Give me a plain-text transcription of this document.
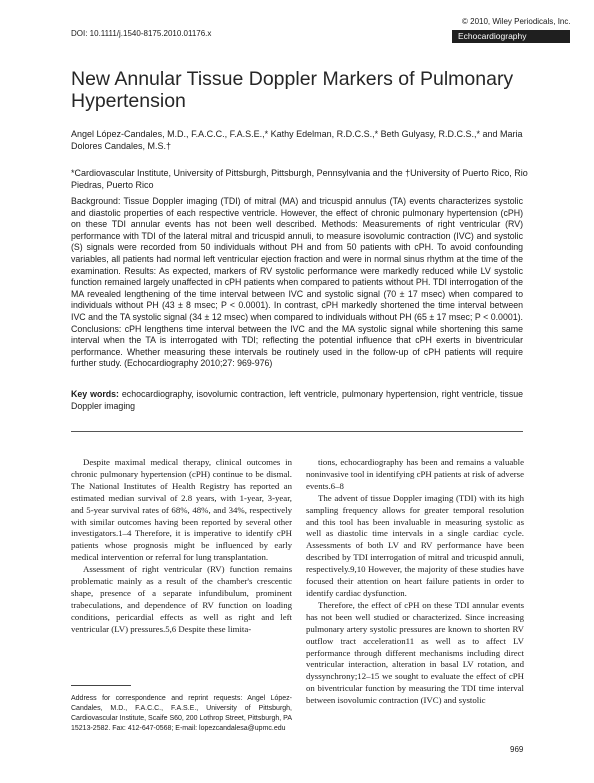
DOI: 10.1111/j.1540-8175.2010.01176.x
© 2010, Wiley Periodicals, Inc.
Echocardiography
New Annular Tissue Doppler Markers of Pulmonary Hypertension
Angel López-Candales, M.D., F.A.C.C., F.A.S.E.,* Kathy Edelman, R.D.C.S.,* Beth Gulyasy, R.D.C.S.,* and Maria Dolores Candales, M.S.†
*Cardiovascular Institute, University of Pittsburgh, Pittsburgh, Pennsylvania and the †University of Puerto Rico, Rio Piedras, Puerto Rico
Background: Tissue Doppler imaging (TDI) of mitral (MA) and tricuspid annulus (TA) events characterizes systolic and diastolic properties of each respective ventricle. However, the effect of chronic pulmonary hypertension (cPH) on these TDI annular events has not been well described. Methods: Measurements of right ventricular (RV) performance with TDI of the lateral mitral and tricuspid annuli, to measure isovolumic contraction (IVC) and systolic (S) signals were recorded from 50 individuals without PH and from 50 patients with cPH. To avoid confounding variables, all patients had normal left ventricular ejection fraction and were in normal sinus rhythm at the time of the examination. Results: As expected, markers of RV systolic performance were markedly reduced while LV systolic function remained largely unaffected in cPH patients when compared to patients without PH. TDI interrogation of the MA revealed lengthening of the time interval between IVC and systolic signal (70 ± 17 msec) when compared to individuals without PH (43 ± 8 msec; P < 0.0001). In contrast, cPH markedly shortened the time interval between IVC and the TA systolic signal (34 ± 12 msec) when compared to individuals without PH (65 ± 17 msec; P < 0.0001). Conclusions: cPH lengthens time interval between the IVC and the MA systolic signal while shortening this same interval when the TA is interrogated with TDI; reflecting the potential influence that cPH exerts in biventricular performance. Whether measuring these intervals be routinely used in the follow-up of cPH patients will require further study. (Echocardiography 2010;27: 969-976)
Key words: echocardiography, isovolumic contraction, left ventricle, pulmonary hypertension, right ventricle, tissue Doppler imaging

Despite maximal medical therapy, clinical outcomes in chronic pulmonary hypertension (cPH) continue to be dismal. The National Institutes of Health Registry has reported an estimated median survival of 2.8 years, with 1-year, 3-year, and 5-year survival rates of 68%, 48%, and 34%, respectively with similar outcomes having been reported by several other investigators.1–4 Therefore, it is imperative to identify cPH patients whose prognosis might be influenced by early medical intervention or referral for lung transplantation.

Assessment of right ventricular (RV) function remains problematic mainly as a result of the chamber's crescentic shape, presence of a separate infundibulum, prominent trabeculations, and dependence of RV function on loading conditions, pericardial effects as well as right and left ventricular (LV) pressures.5,6 Despite these limita-

tions, echocardiography has been and remains a valuable noninvasive tool in identifying cPH patients at risk of adverse events.6–8

The advent of tissue Doppler imaging (TDI) with its high sampling frequency allows for greater temporal resolution and this tool has been invaluable in measuring systolic as well as diastolic time intervals in a single cardiac cycle. Assessments of both LV and RV performance have been described by TDI interrogation of mitral and tricuspid annuli, respectively.9,10 However, the majority of these studies have focused their attention on heart failure patients in order to identify cardiac dysfunction.

Therefore, the effect of cPH on these TDI annular events has not been well studied or characterized. Since increasing pulmonary artery systolic pressures are known to shorten RV outflow tract acceleration11 as well as to affect LV performance through different mechanisms including direct ventricular interaction, alteration in basal LV rotation, and dyssynchrony;12–15 we sought to evaluate the effect of cPH on biventricular function by measuring the TDI time interval between isovolumic contraction (IVC) and systolic

Address for correspondence and reprint requests: Angel López-Candales, M.D., F.A.C.C., F.A.S.E., University of Pittsburgh, Cardiovascular Institute, Scaife S60, 200 Lothrop Street, Pittsburgh, PA 15213-2582. Fax: 412-647-0568; E-mail: lopezcandalesa@upmc.edu
969
